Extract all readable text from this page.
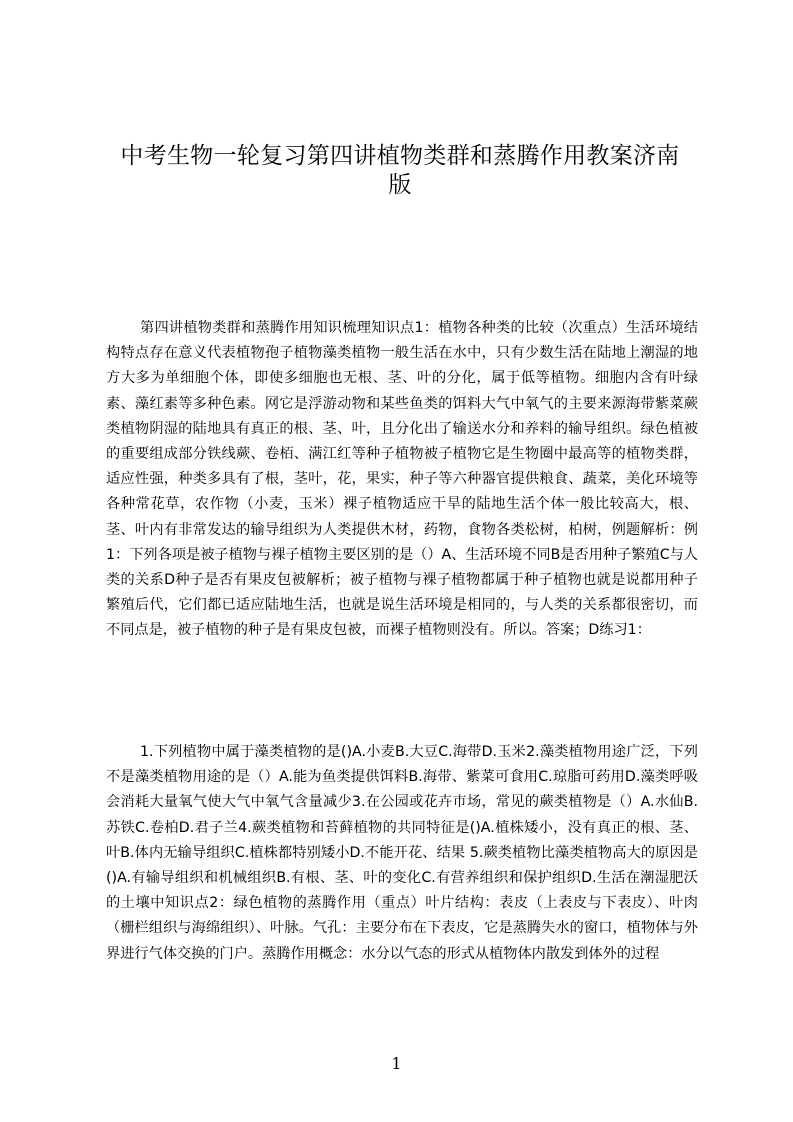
中考生物一轮复习第四讲植物类群和蒸腾作用教案济南
版

第四讲植物类群和蒸腾作用知识梳理知识点1：植物各种类的比较（次重点）生活环境结构特点存在意义代表植物孢子植物藻类植物一般生活在水中，只有少数生活在陆地上潮湿的地方大多为单细胞个体，即使多细胞也无根、茎、叶的分化，属于低等植物。细胞内含有叶绿素、藻红素等多种色素。网它是浮游动物和某些鱼类的饵料大气中氧气的主要来源海带紫菜蕨类植物阴湿的陆地具有真正的根、茎、叶，且分化出了输送水分和养料的输导组织。绿色植被的重要组成部分铁线蕨、卷栢、满江红等种子植物被子植物它是生物圈中最高等的植物类群，适应性强，种类多具有了根，茎叶，花，果实，种子等六种器官提供粮食、蔬菜，美化环境等各种常花草，农作物（小麦，玉米）裸子植物适应干旱的陆地生活个体一般比较高大，根、茎、叶内有非常发达的输导组织为人类提供木材，药物，食物各类松树，柏树，例题解析：例1：下列各项是被子植物与裸子植物主要区别的是（）A、生活环境不同B是否用种子繁殖C与人类的关系D种子是否有果皮包被解析；被子植物与裸子植物都属于种子植物也就是说都用种子繁殖后代，它们都已适应陆地生活，也就是说生活环境是相同的，与人类的关系都很密切，而不同点是，被子植物的种子是有果皮包被，而裸子植物则没有。所以。答案；D练习1：

1.下列植物中属于藻类植物的是()A.小麦B.大豆C.海带D.玉米2.藻类植物用途广泛，下列不是藻类植物用途的是（）A.能为鱼类提供饵料B.海带、紫菜可食用C.琼脂可药用D.藻类呼吸会消耗大量氧气使大气中氧气含量减少3.在公园或花卉市场，常见的蕨类植物是（）A.水仙B.苏铁C.卷柏D.君子兰4.蕨类植物和苔藓植物的共同特征是()A.植株矮小，没有真正的根、茎、叶B.体内无输导组织C.植株都特别矮小D.不能开花、结果 5.蕨类植物比藻类植物高大的原因是()A.有输导组织和机械组织B.有根、茎、叶的变化C.有营养组织和保护组织D.生活在潮湿肥沃的土壤中知识点2：绿色植物的蒸腾作用（重点）叶片结构：表皮（上表皮与下表皮）、叶肉（栅栏组织与海绵组织）、叶脉。气孔：主要分布在下表皮，它是蒸腾失水的窗口，植物体与外界进行气体交换的门户。蒸腾作用概念：水分以气态的形式从植物体内散发到体外的过程

1
